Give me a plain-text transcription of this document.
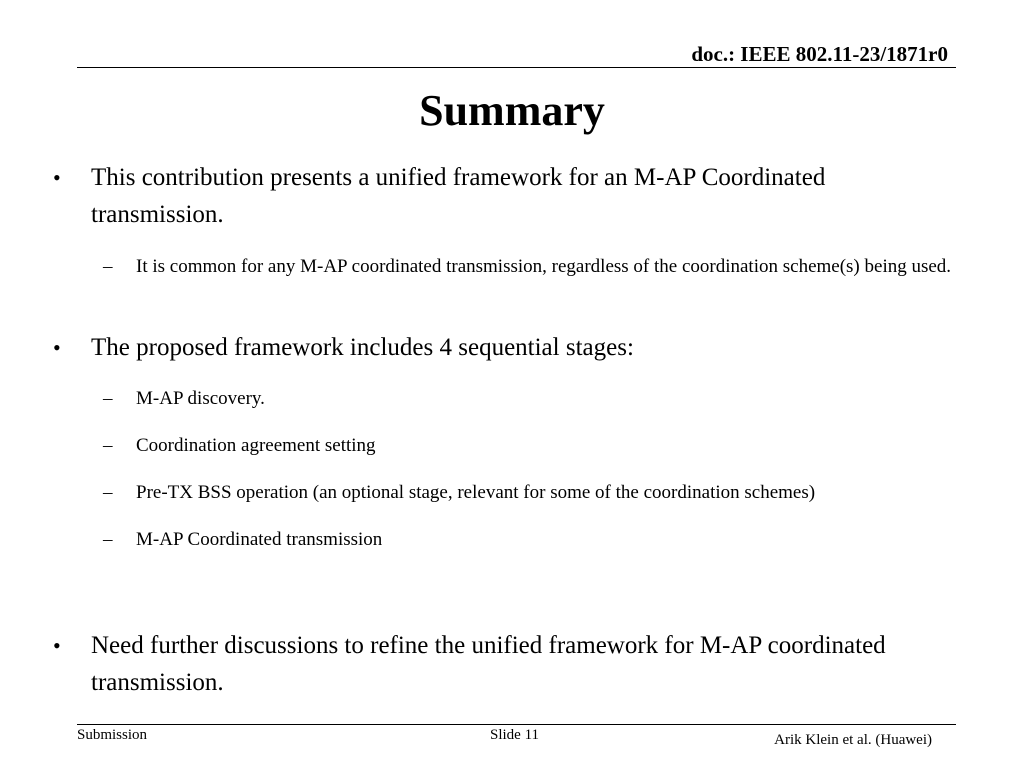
doc.: IEEE 802.11-23/1871r0
Summary
• This contribution presents a unified framework for an M-AP Coordinated transmission.
– It is common for any M-AP coordinated transmission, regardless of the coordination scheme(s) being used.
• The proposed framework includes 4 sequential stages:
– M-AP discovery.
– Coordination agreement setting
– Pre-TX BSS operation (an optional stage, relevant for some of the coordination schemes)
– M-AP Coordinated transmission
• Need further discussions to refine the unified framework for M-AP coordinated transmission.
Submission	Slide 11	Arik Klein et al. (Huawei)
